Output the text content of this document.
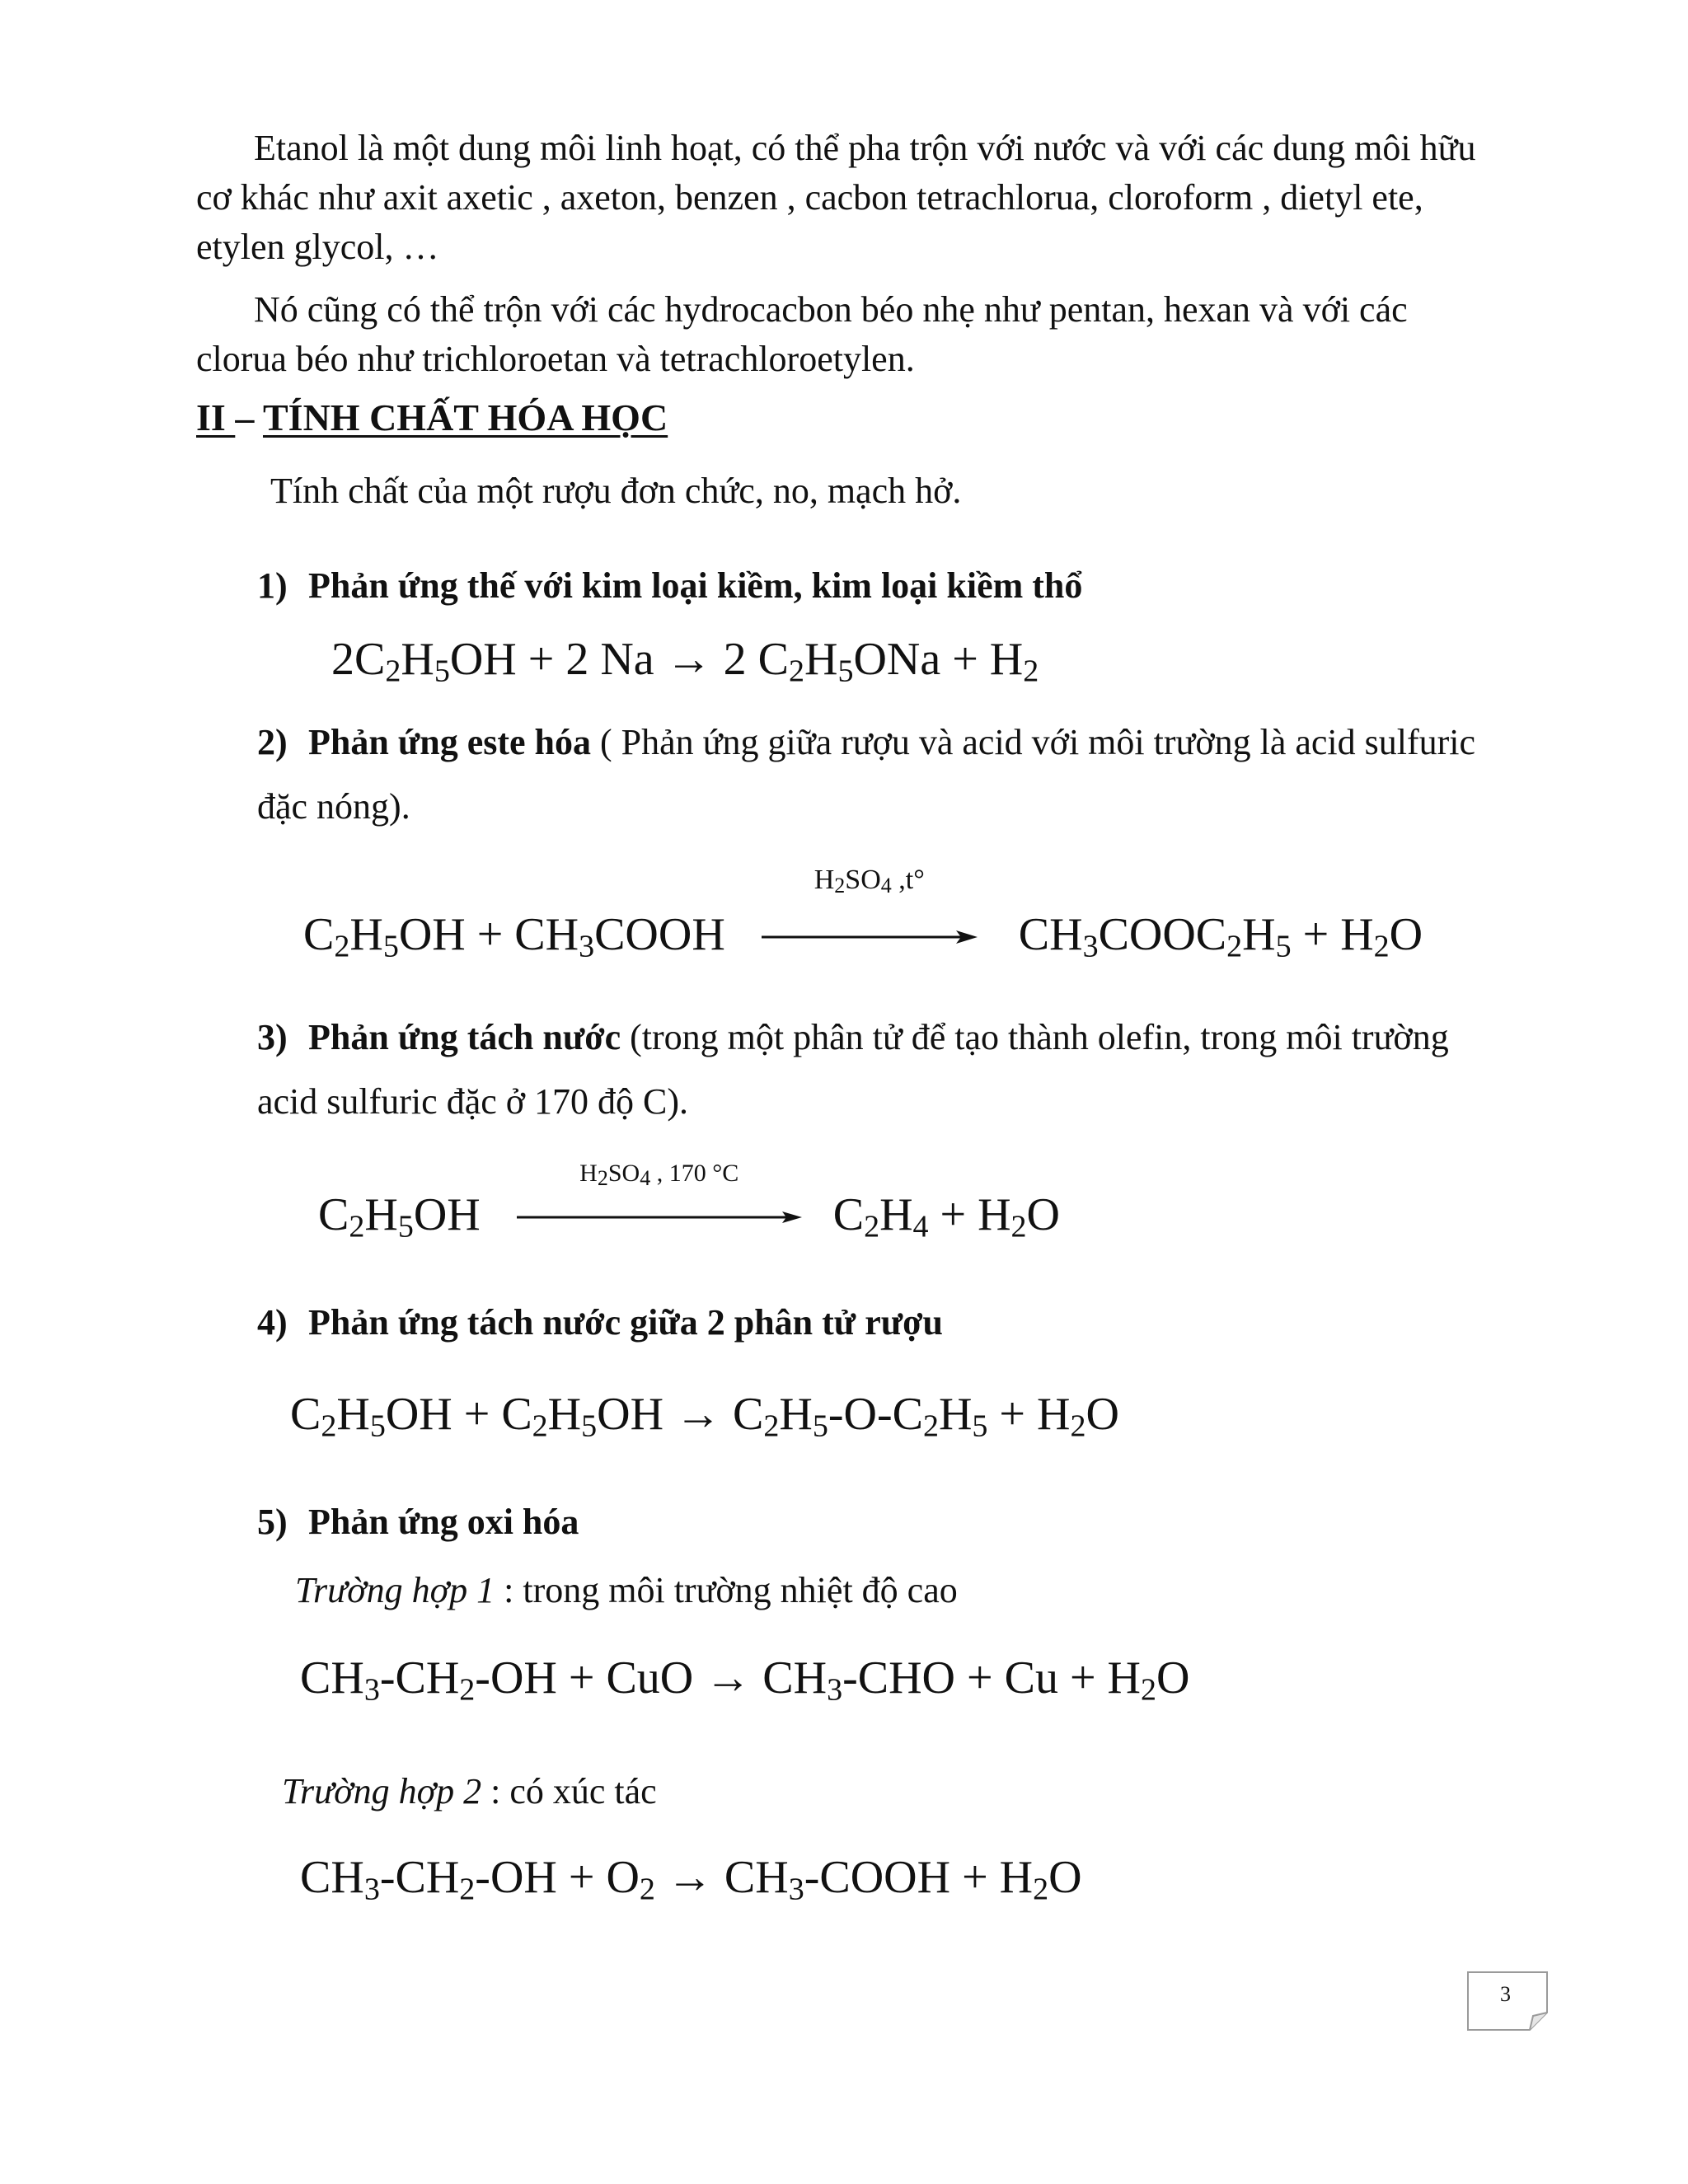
Etanol là một dung môi linh hoạt, có thể pha trộn với nước và với các dung môi hữu cơ khác như axit axetic , axeton, benzen , cacbon tetrachlorua, cloroform , dietyl ete, etylen glycol, …

Nó cũng có thể trộn với các hydrocacbon béo nhẹ như pentan, hexan và với các clorua béo như trichloroetan và tetrachloroetylen.

II – TÍNH CHẤT HÓA HỌC

Tính chất của một rượu đơn chức, no, mạch hở.

1) Phản ứng thế với kim loại kiềm, kim loại kiềm thổ

$2C_2H_5OH + 2$ Na → 2 $C_2H_5ONa + H_2$

2) Phản ứng este hóa ( Phản ứng giữa rượu và acid với môi trường là acid sulfuric đặc nóng).
$C_2H_5OH$ + $CH_3COOH$
$H_2SO_4$ ,t°
$CH_3COOC_2H_5 + H_2O$
3) Phản ứng tách nước (trong một phân tử để tạo thành olefin, trong môi trường acid sulfuric đặc ở 170 độ C).
$C_2H_5OH$
$H_2SO_4$ , 170 °C
$C_2H_4 + H_2O$

4) Phản ứng tách nước giữa 2 phân tử rượu

$C_2H_5OH + C_2H_5OH \to C_2H_5-O-C_2H_5 + H_2O$

5) Phản ứng oxi hóa

Trường hợp 1 : trong môi trường nhiệt độ cao

$CH_3-CH_2-OH$ + CuO → $CH_3$-CHO + $Cu + H_2O$

Trường hợp 2 : có xúc tác

$CH_3-CH_2-OH + O_2$ → $CH_3$-COOH + $H_2O$

3
